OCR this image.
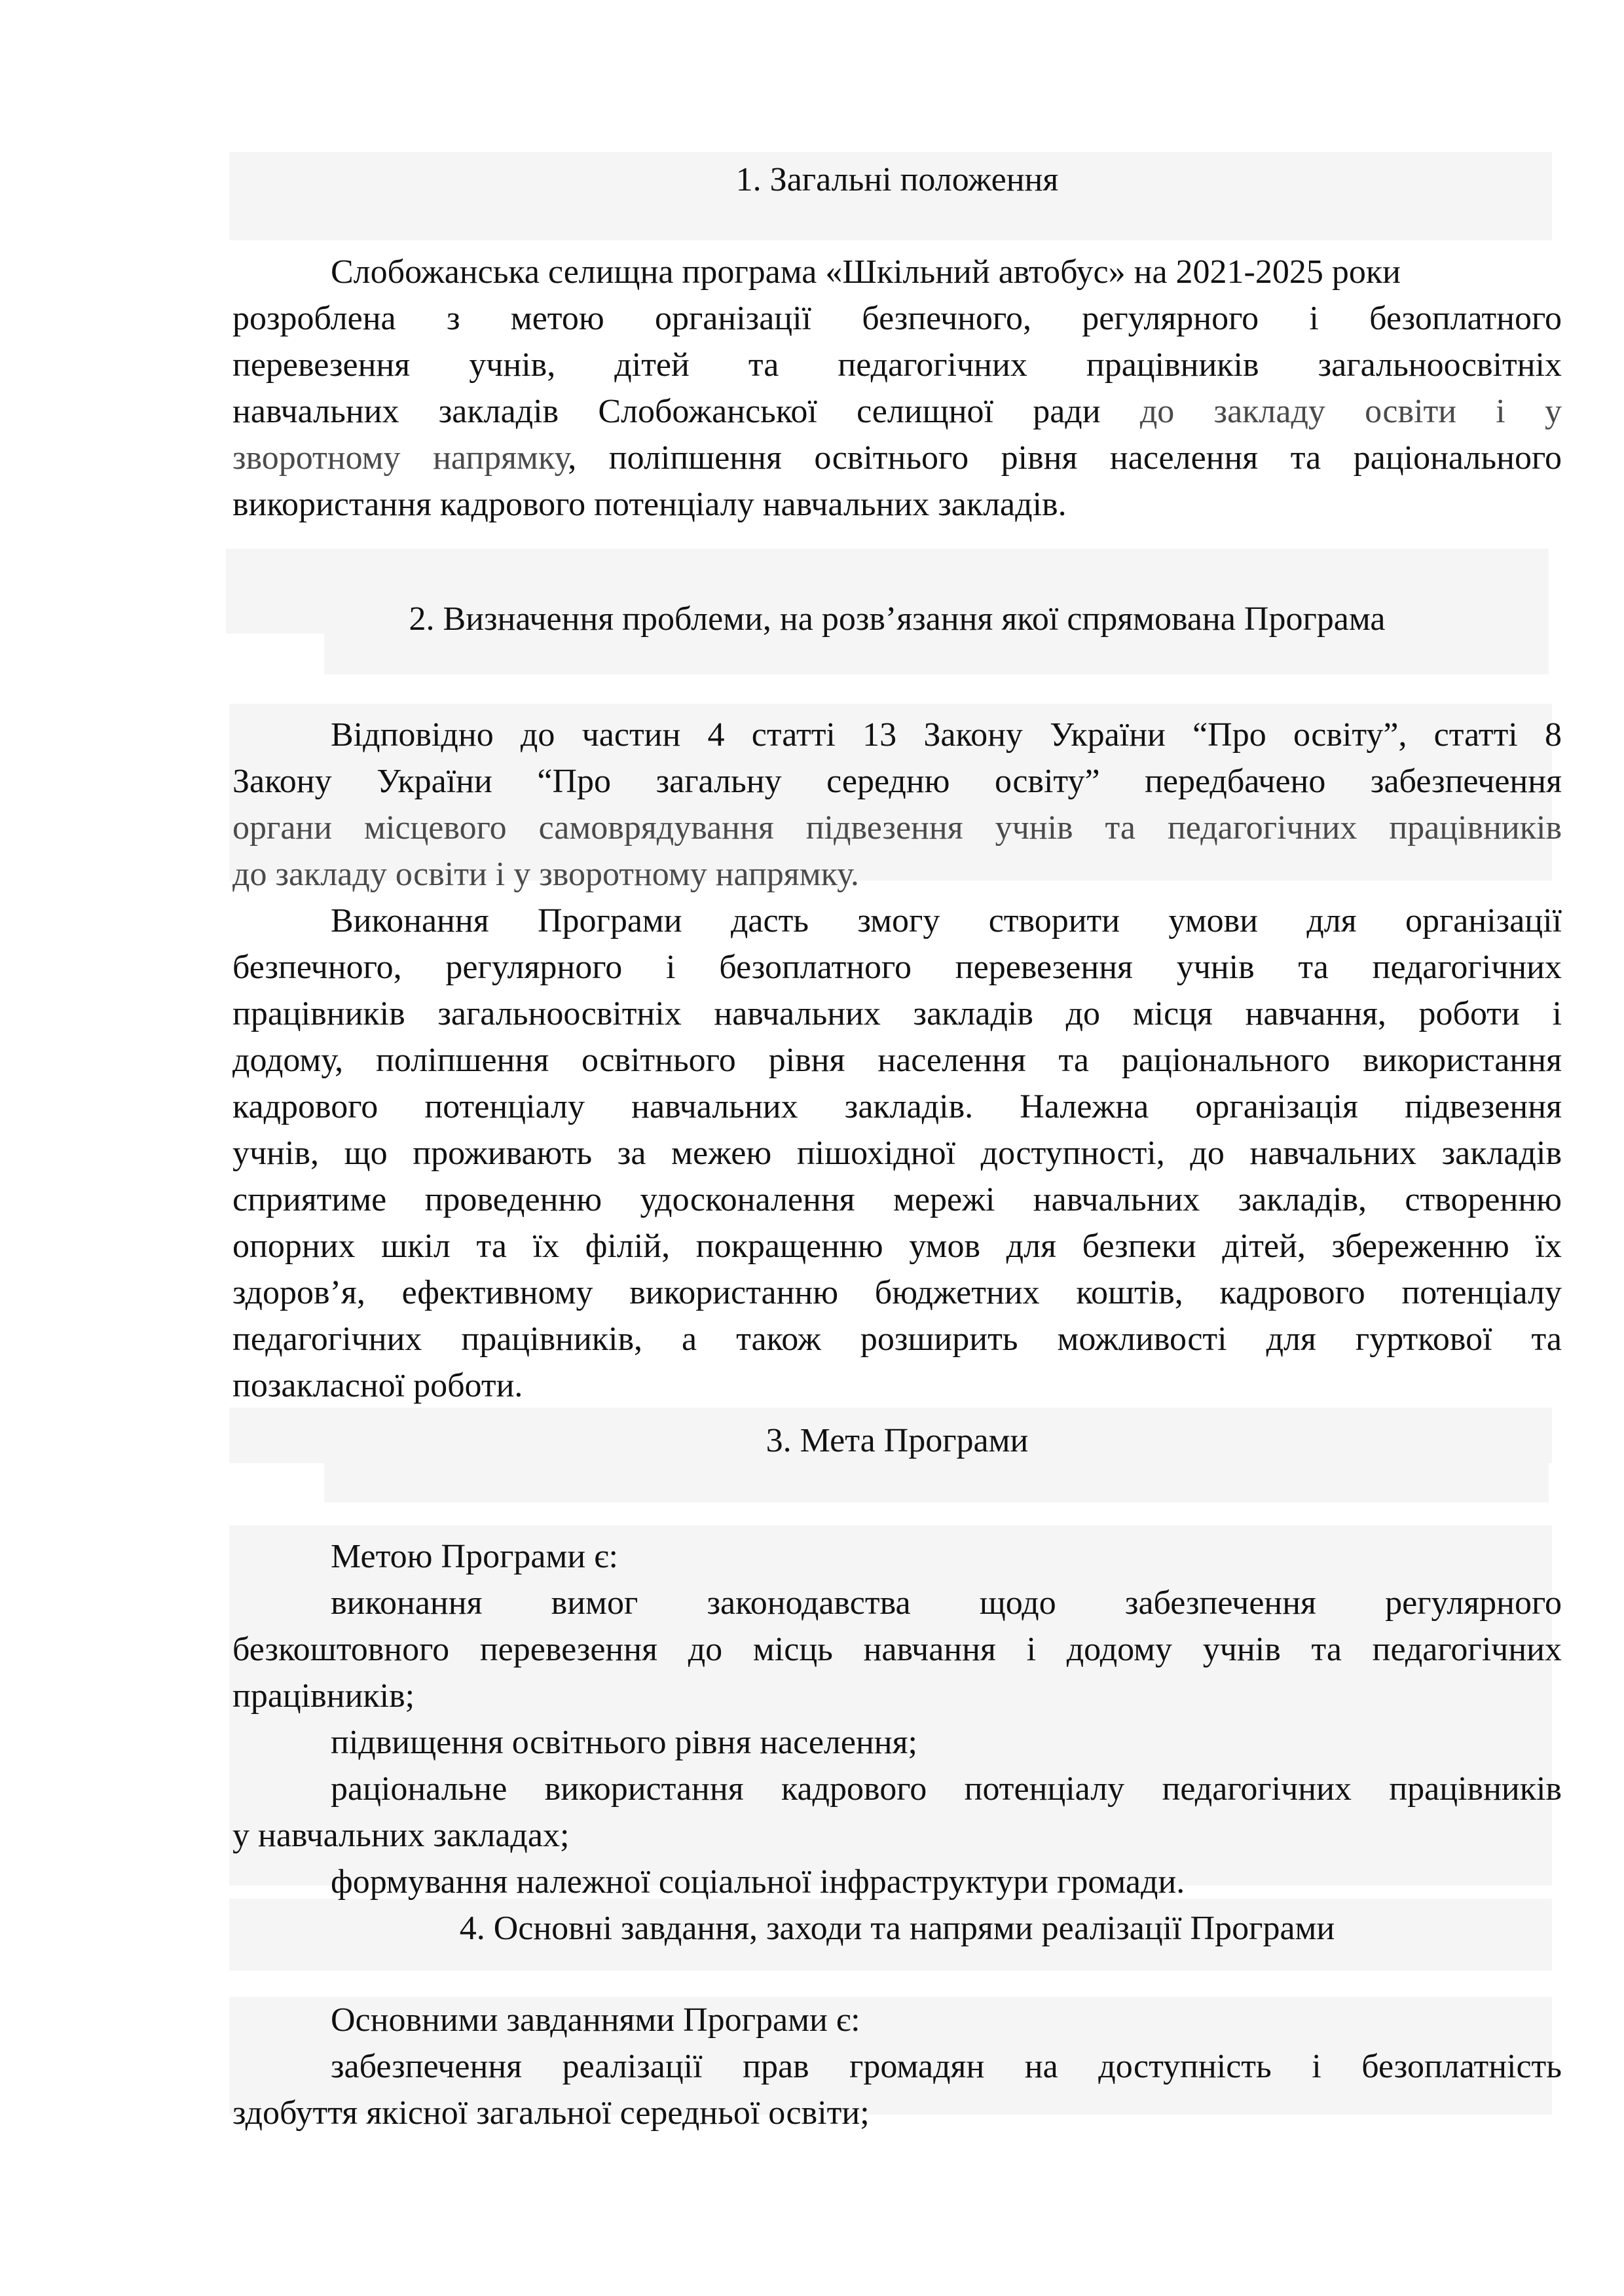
1. Загальні положення
Слобожанська селищна програма «Шкільний автобус» на 2021-2025 роки
розроблена з метою організації безпечного, регулярного і безоплатного
перевезення учнів, дітей та педагогічних працівників загальноосвітніх
навчальних закладів Слобожанської селищної ради до закладу освіти і у
зворотному напрямку, поліпшення освітнього рівня населення та раціонального
використання кадрового потенціалу навчальних закладів.
2. Визначення проблеми, на розв’язання якої спрямована Програма
Відповідно до частин 4 статті 13 Закону України “Про освіту”, статті 8
Закону України “Про загальну середню освіту” передбачено забезпечення
органи місцевого самоврядування підвезення учнів та педагогічних працівників
до закладу освіти і у зворотному напрямку.
Виконання Програми дасть змогу створити умови для організації
безпечного, регулярного і безоплатного перевезення учнів та педагогічних
працівників загальноосвітніх навчальних закладів до місця навчання, роботи і
додому, поліпшення освітнього рівня населення та раціонального використання
кадрового потенціалу навчальних закладів. Належна організація підвезення
учнів, що проживають за межею пішохідної доступності, до навчальних закладів
сприятиме проведенню удосконалення мережі навчальних закладів, створенню
опорних шкіл та їх філій, покращенню умов для безпеки дітей, збереженню їх
здоров’я, ефективному використанню бюджетних коштів, кадрового потенціалу
педагогічних працівників, а також розширить можливості для гурткової та
позакласної роботи.
3. Мета Програми
Метою Програми є:
виконання вимог законодавства щодо забезпечення регулярного
безкоштовного перевезення до місць навчання і додому учнів та педагогічних
працівників;
підвищення освітнього рівня населення;
раціональне використання кадрового потенціалу педагогічних працівників
у навчальних закладах;
формування належної соціальної інфраструктури громади.
4. Основні завдання, заходи та напрями реалізації Програми
Основними завданнями Програми є:
забезпечення реалізації прав громадян на доступність і безоплатність
здобуття якісної загальної середньої освіти;
